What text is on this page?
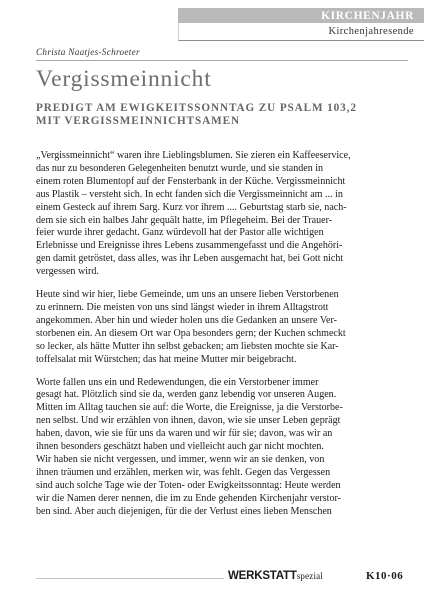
KIRCHENJAHR
Kirchenjahresende
Christa Naatjes-Schroeter
Vergissmeinnicht
PREDIGT AM EWIGKEITSSONNTAG ZU PSALM 103,2
MIT VERGISSMEINNICHTSAMEN

„Vergissmeinnicht“ waren ihre Lieblingsblumen. Sie zieren ein Kaffeeservice,
das nur zu besonderen Gelegenheiten benutzt wurde, und sie standen in
einem roten Blumentopf auf der Fensterbank in der Küche. Vergissmeinnicht
aus Plastik – versteht sich. In echt fanden sich die Vergissmeinnicht am ... in
einem Gesteck auf ihrem Sarg. Kurz vor ihrem .... Geburtstag starb sie, nach-
dem sie sich ein halbes Jahr gequält hatte, im Pflegeheim. Bei der Trauer-
feier wurde ihrer gedacht. Ganz würdevoll hat der Pastor alle wichtigen
Erlebnisse und Ereignisse ihres Lebens zusammengefasst und die Angehöri-
gen damit getröstet, dass alles, was ihr Leben ausgemacht hat, bei Gott nicht
vergessen wird.

Heute sind wir hier, liebe Gemeinde, um uns an unsere lieben Verstorbenen
zu erinnern. Die meisten von uns sind längst wieder in ihrem Alltagstrott
angekommen. Aber hin und wieder holen uns die Gedanken an unsere Ver-
storbenen ein. An diesem Ort war Opa besonders gern; der Kuchen schmeckt
so lecker, als hätte Mutter ihn selbst gebacken; am liebsten mochte sie Kar-
toffelsalat mit Würstchen; das hat meine Mutter mir beigebracht.

Worte fallen uns ein und Redewendungen, die ein Verstorbener immer
gesagt hat. Plötzlich sind sie da, werden ganz lebendig vor unseren Augen.
Mitten im Alltag tauchen sie auf: die Worte, die Ereignisse, ja die Verstorbe-
nen selbst. Und wir erzählen von ihnen, davon, wie sie unser Leben geprägt
haben, davon, wie sie für uns da waren und wir für sie; davon, was wir an
ihnen besonders geschätzt haben und vielleicht auch gar nicht mochten.
Wir haben sie nicht vergessen, und immer, wenn wir an sie denken, von
ihnen träumen und erzählen, merken wir, was fehlt. Gegen das Vergessen
sind auch solche Tage wie der Toten- oder Ewigkeitssonntag: Heute werden
wir die Namen derer nennen, die im zu Ende gehenden Kirchenjahr verstor-
ben sind. Aber auch diejenigen, für die der Verlust eines lieben Menschen

WERKSTATTspezial	K10·06
